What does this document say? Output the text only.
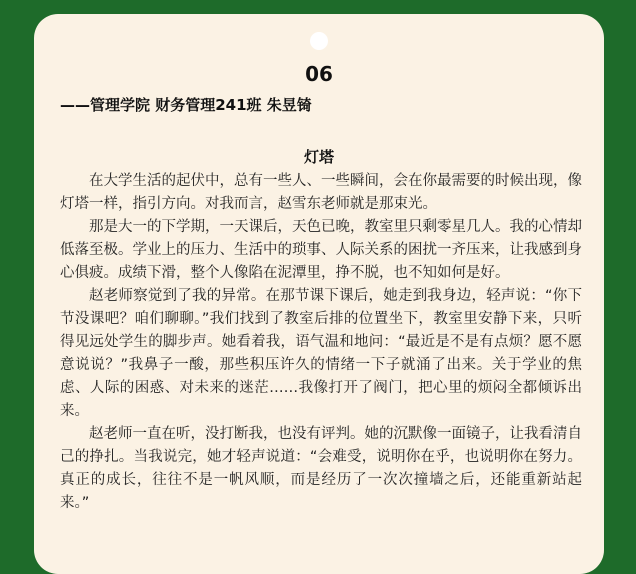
06
——管理学院 财务管理241班 朱昱锜
灯塔

在大学生活的起伏中，总有一些人、一些瞬间，会在你最需要的时候出现，像灯塔一样，指引方向。对我而言，赵雪东老师就是那束光。

那是大一的下学期，一天课后，天色已晚，教室里只剩零星几人。我的心情却低落至极。学业上的压力、生活中的琐事、人际关系的困扰一齐压来，让我感到身心俱疲。成绩下滑，整个人像陷在泥潭里，挣不脱，也不知如何是好。

赵老师察觉到了我的异常。在那节课下课后，她走到我身边，轻声说：“你下节没课吧？咱们聊聊。”我们找到了教室后排的位置坐下，教室里安静下来，只听得见远处学生的脚步声。她看着我，语气温和地问：“最近是不是有点烦？愿不愿意说说？”我鼻子一酸，那些积压许久的情绪一下子就涌了出来。关于学业的焦虑、人际的困惑、对未来的迷茫……我像打开了阀门，把心里的烦闷全都倾诉出来。

赵老师一直在听，没打断我，也没有评判。她的沉默像一面镜子，让我看清自己的挣扎。当我说完，她才轻声说道：“会难受，说明你在乎，也说明你在努力。真正的成长，往往不是一帆风顺，而是经历了一次次撞墙之后，还能重新站起来。”
